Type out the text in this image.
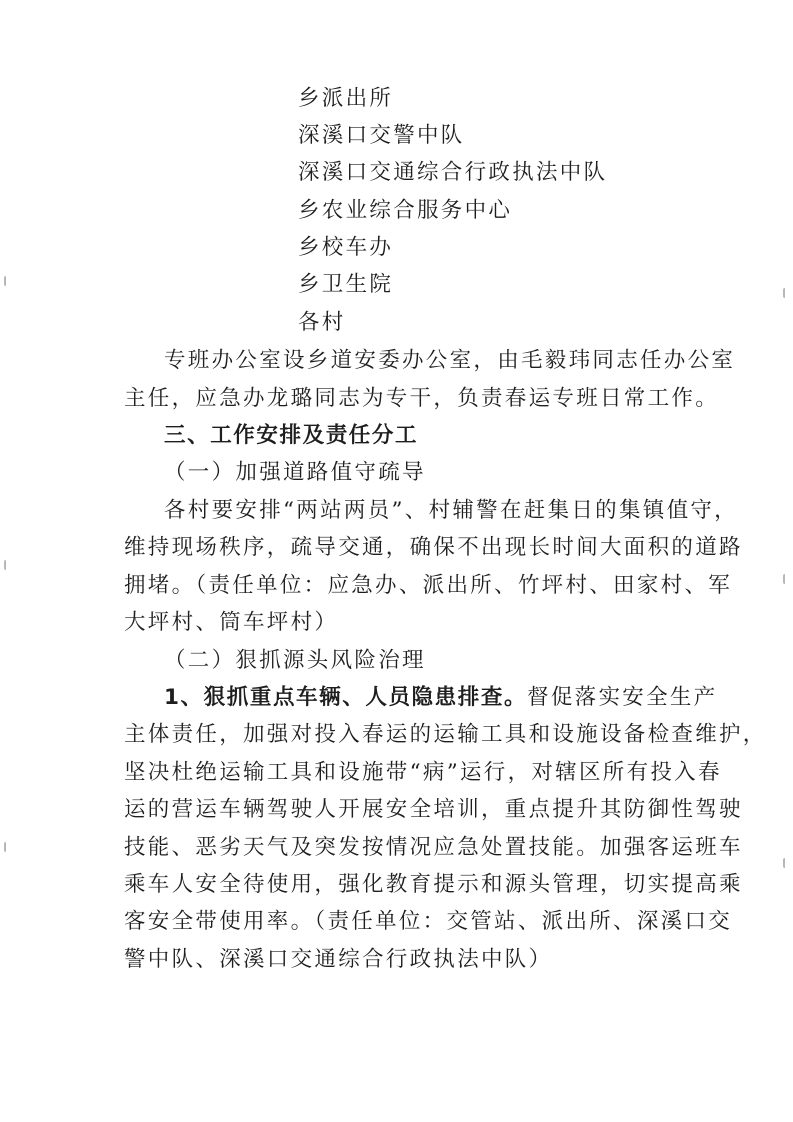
乡派出所
深溪口交警中队
深溪口交通综合行政执法中队
乡农业综合服务中心
乡校车办
乡卫生院
各村
专班办公室设乡道安委办公室，由毛毅玮同志任办公室
主任，应急办龙璐同志为专干，负责春运专班日常工作。
三、工作安排及责任分工
（一）加强道路值守疏导
各村要安排“两站两员”、村辅警在赶集日的集镇值守，
维持现场秩序，疏导交通，确保不出现长时间大面积的道路
拥堵。（责任单位：应急办、派出所、竹坪村、田家村、军
大坪村、筒车坪村）
（二）狠抓源头风险治理
1、狠抓重点车辆、人员隐患排查。督促落实安全生产
主体责任，加强对投入春运的运输工具和设施设备检查维护，
坚决杜绝运输工具和设施带“病”运行，对辖区所有投入春
运的营运车辆驾驶人开展安全培训，重点提升其防御性驾驶
技能、恶劣天气及突发按情况应急处置技能。加强客运班车
乘车人安全待使用，强化教育提示和源头管理，切实提高乘
客安全带使用率。（责任单位：交管站、派出所、深溪口交
警中队、深溪口交通综合行政执法中队）
